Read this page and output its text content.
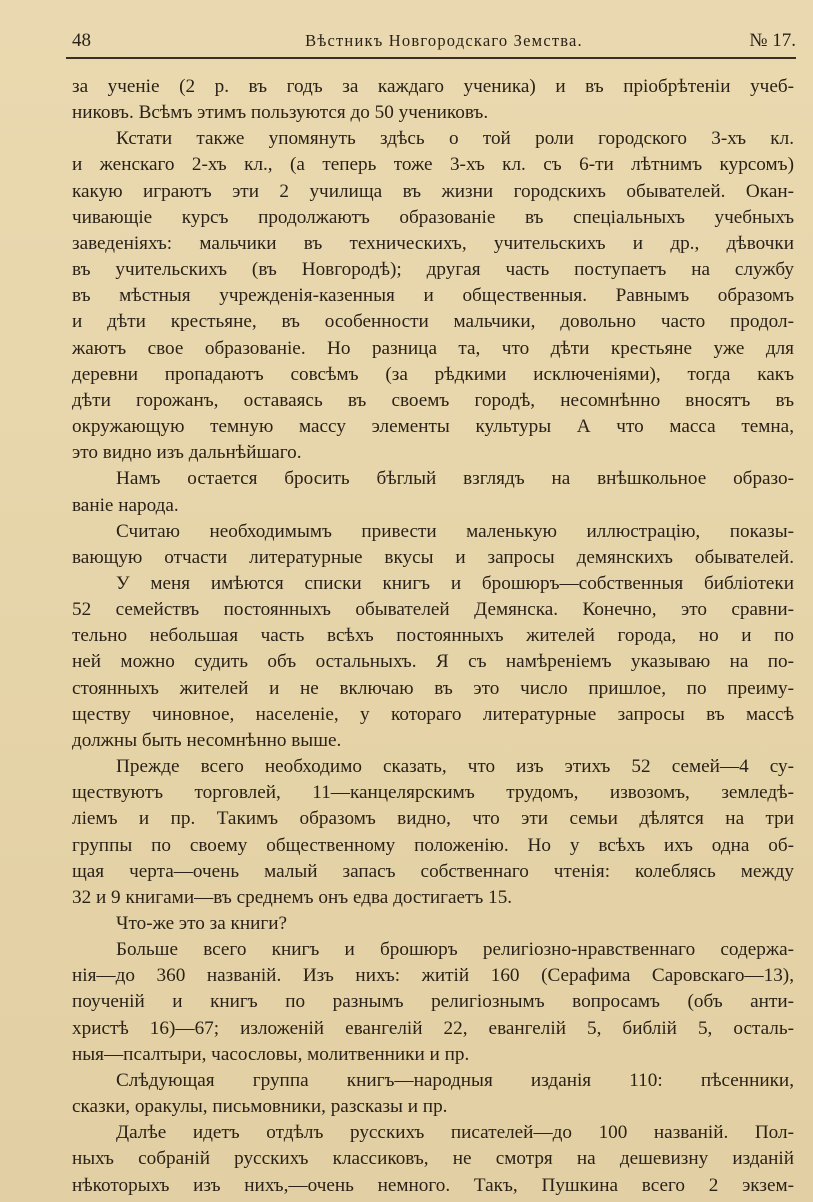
48	Вѣстникъ Новгородскаго Земства.	№ 17.

за ученіе (2 р. въ годъ за каждаго ученика) и въ пріобрѣтеніи учеб-

никовъ. Всѣмъ этимъ пользуются до 50 учениковъ.

Кстати также упомянуть здѣсь о той роли городского 3-хъ кл.

и женскаго 2-хъ кл., (а теперь тоже 3-хъ кл. съ 6-ти лѣтнимъ курсомъ)

какую играютъ эти 2 училища въ жизни городскихъ обывателей. Окан-

чивающіе курсъ продолжаютъ образованіе въ спеціальныхъ учебныхъ

заведеніяхъ: мальчики въ техническихъ, учительскихъ и др., дѣвочки

въ учительскихъ (въ Новгородѣ); другая часть поступаетъ на службу

въ мѣстныя учрежденія-казенныя и общественныя. Равнымъ образомъ

и дѣти крестьяне, въ особенности мальчики, довольно часто продол-

жаютъ свое образованіе. Но разница та, что дѣти крестьяне уже для

деревни пропадаютъ совсѣмъ (за рѣдкими исключеніями), тогда какъ

дѣти горожанъ, оставаясь въ своемъ городѣ, несомнѣнно вносятъ въ

окружающую темную массу элементы культуры А что масса темна,

это видно изъ дальнѣйшаго.

Намъ остается бросить бѣглый взглядъ на внѣшкольное образо-

ваніе народа.

Считаю необходимымъ привести маленькую иллюстрацію, показы-

вающую отчасти литературные вкусы и запросы демянскихъ обывателей.

У меня имѣются списки книгъ и брошюръ—собственныя библіотеки

52 семействъ постоянныхъ обывателей Демянска. Конечно, это сравни-

тельно небольшая часть всѣхъ постоянныхъ жителей города, но и по

ней можно судить объ остальныхъ. Я съ намѣреніемъ указываю на по-

стоянныхъ жителей и не включаю въ это число пришлое, по преиму-

ществу чиновное, населеніе, у котораго литературные запросы въ массѣ

должны быть несомнѣнно выше.

Прежде всего необходимо сказать, что изъ этихъ 52 семей—4 су-

ществуютъ торговлей, 11—канцелярскимъ трудомъ, извозомъ, земледѣ-

ліемъ и пр. Такимъ образомъ видно, что эти семьи дѣлятся на три

группы по своему общественному положенію. Но у всѣхъ ихъ одна об-

щая черта—очень малый запасъ собственнаго чтенія: колеблясь между

32 и 9 книгами—въ среднемъ онъ едва достигаетъ 15.

Что-же это за книги?

Больше всего книгъ и брошюръ религіозно-нравственнаго содержа-

нія—до 360 названій. Изъ нихъ: житій 160 (Серафима Саровскаго—13),

поученій и книгъ по разнымъ религіознымъ вопросамъ (объ анти-

христѣ 16)—67; изложеній евангелій 22, евангелій 5, библій 5, осталь-

ныя—псалтыри, часословы, молитвенники и пр.

Слѣдующая группа книгъ—народныя изданія 110: пѣсенники,

сказки, оракулы, письмовники, разсказы и пр.

Далѣе идетъ отдѣлъ русскихъ писателей—до 100 названій. Пол-

ныхъ собраній русскихъ классиковъ, не смотря на дешевизну изданій

нѣкоторыхъ изъ нихъ,—очень немного. Такъ, Пушкина всего 2 экзем-
